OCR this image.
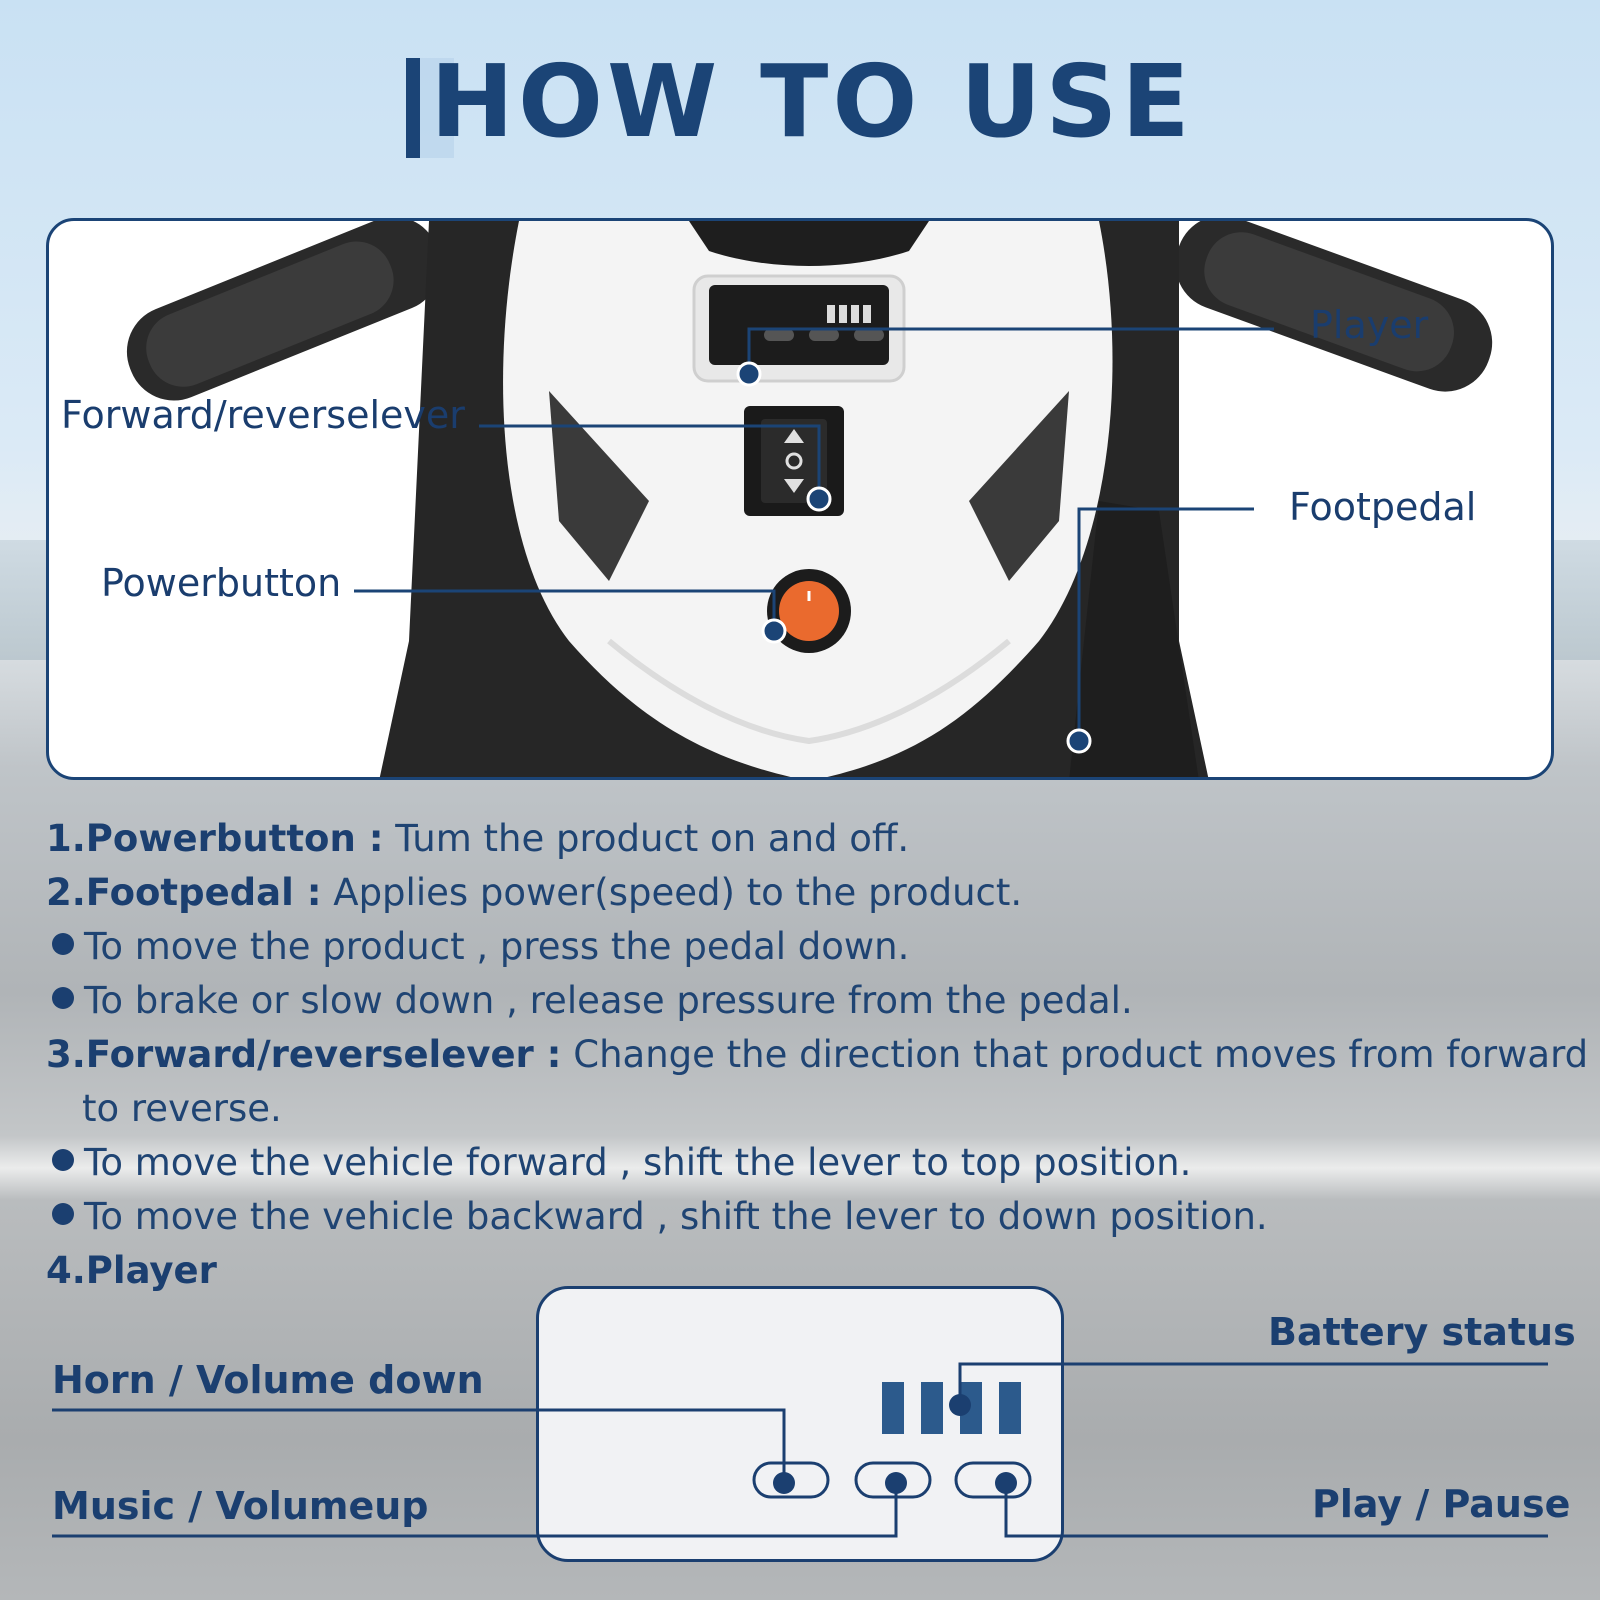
HOW TO USE
Player
Forward/reverselever
Footpedal
Powerbutton
1.Powerbutton : Tum the product on and off.
2.Footpedal : Applies power(speed) to the product.
To move the product , press the pedal down.
To brake or slow down , release pressure from the pedal.
3.Forward/reverselever : Change the direction that product moves from forward
to reverse.
To move the vehicle forward , shift the lever to top position.
To move the vehicle backward , shift the lever to down position.
4.Player
Horn / Volume down
Music / Volumeup
Battery status
Play / Pause
